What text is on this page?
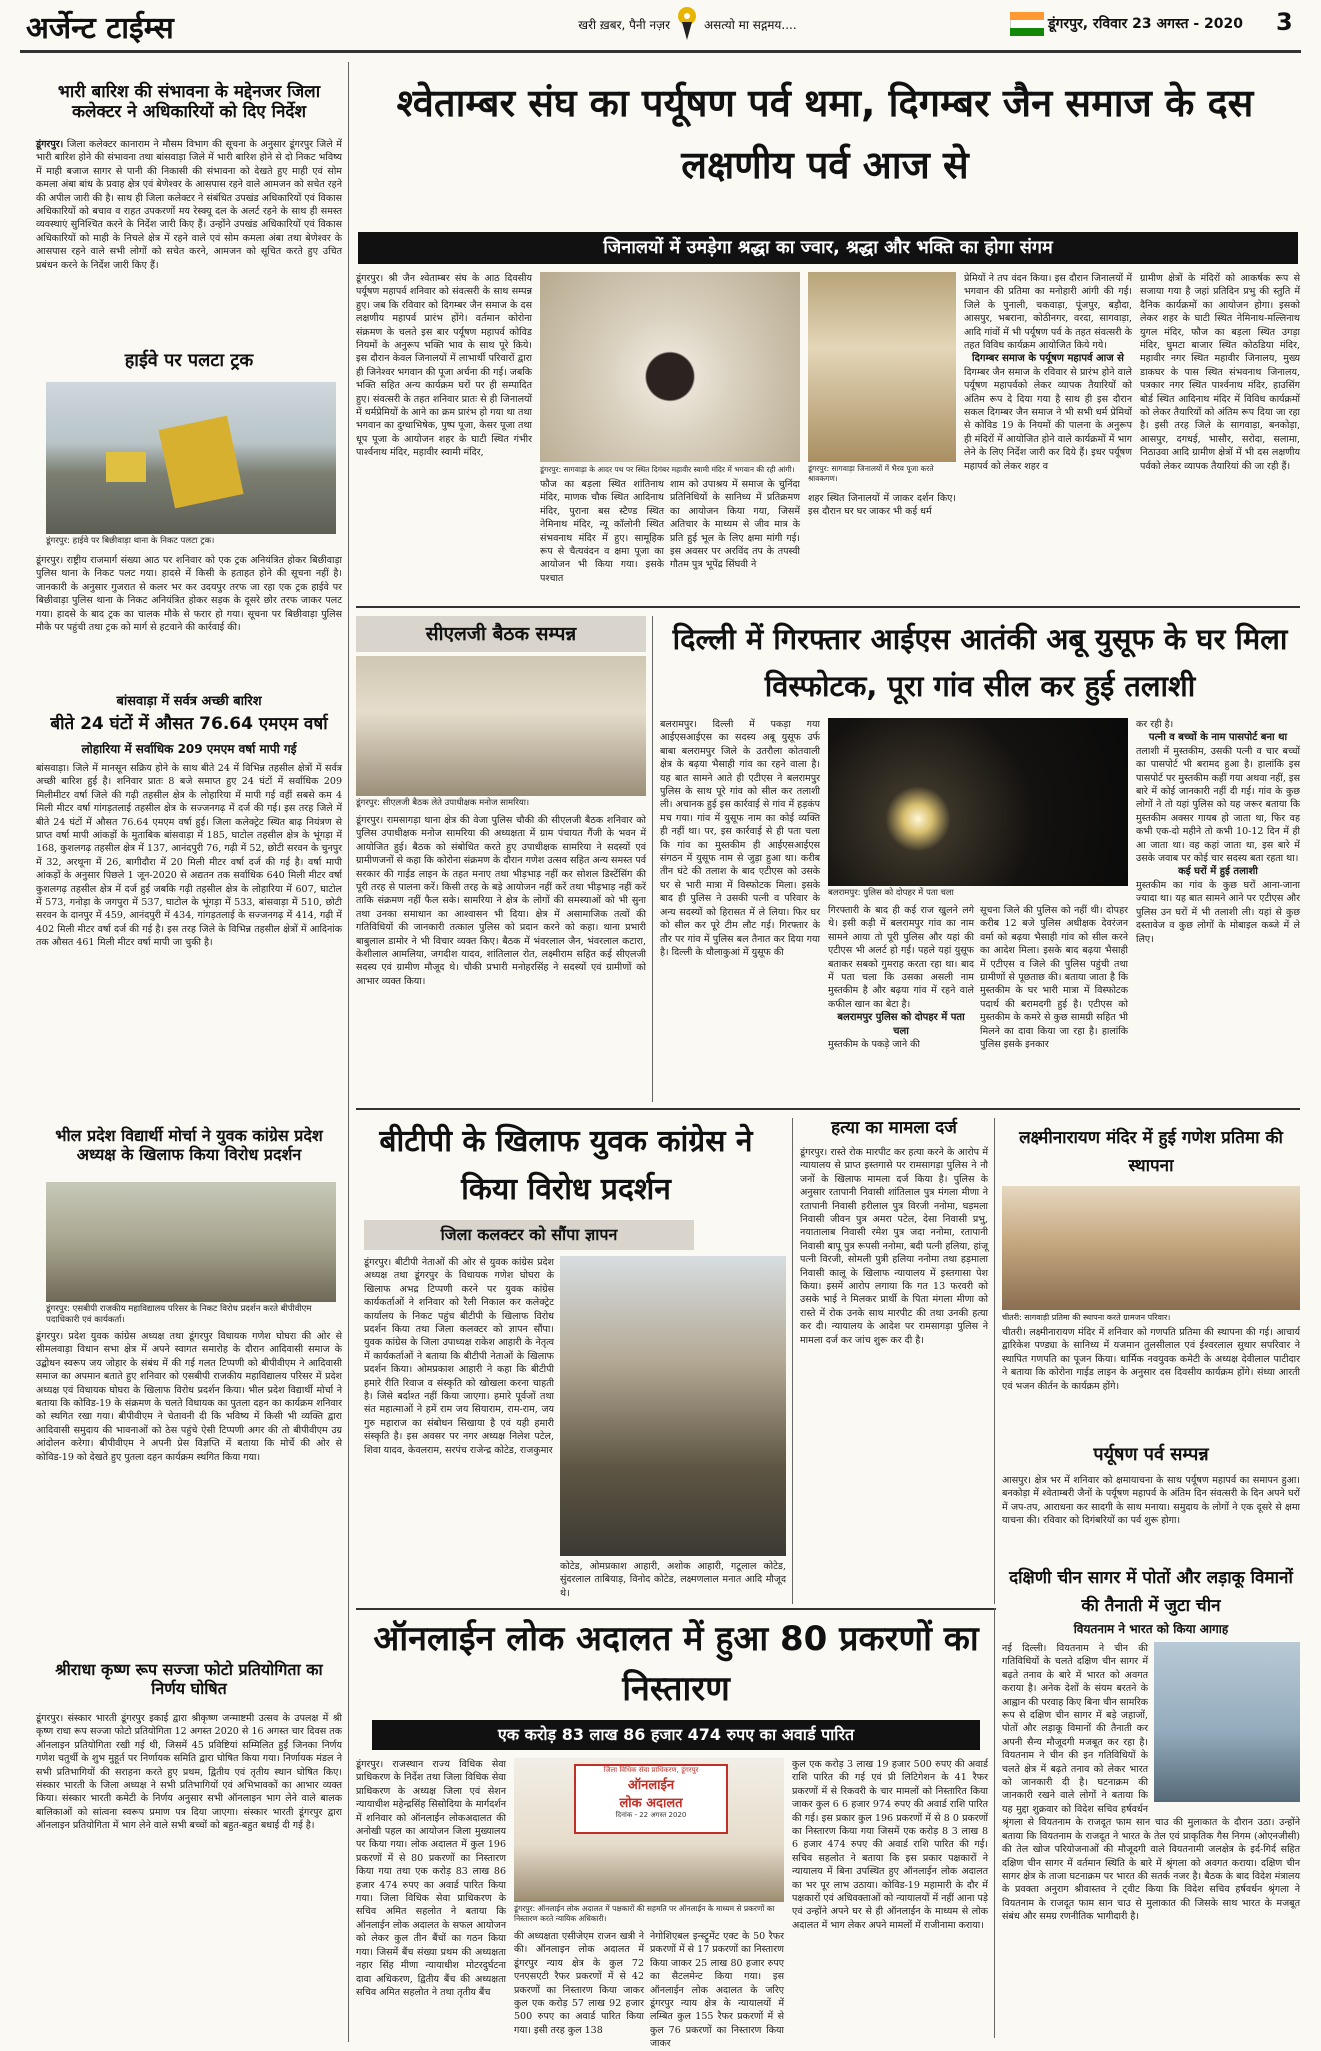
अर्जेन्ट टाईम्स	खरी ख़बर, पैनी नज़र	असत्यो मा सद्गमय....	डूंगरपुर, रविवार 23 अगस्त - 2020	3
भारी बारिश की संभावना के मद्देनजर जिला कलेक्टर ने अधिकारियों को दिए निर्देश
डूंगरपुर। जिला कलेक्टर कानाराम ने मौसम विभाग की सूचना के अनुसार डूंगरपुर जिले में भारी बारिश होने की संभावना तथा बांसवाड़ा जिले में भारी बारिश होने से दो निकट भविष्य में माही बजाज सागर से पानी की निकासी की संभावना को देखते हुए माही एवं सोम कमला अंबा बांध के प्रवाह क्षेत्र एवं बेणेश्वर के आसपास रहने वाले आमजन को सचेत रहने की अपील जारी की है। साथ ही जिला कलेक्टर ने संबंधित उपखंड अधिकारियों एवं विकास अधिकारियों को बचाव व राहत उपकरणों मय रेस्क्यू दल के अलर्ट रहने के साथ ही समस्त व्यवस्थाएं सुनिश्चित करने के निर्देश जारी किए हैं। उन्होंने उपखंड अधिकारियों एवं विकास अधिकारियों को माही के निचले क्षेत्र में रहने वाले एवं सोम कमला अंबा तथा बेणेश्वर के आसपास रहने वाले सभी लोगों को सचेत करने, आमजन को सूचित करते हुए उचित प्रबंधन करने के निर्देश जारी किए हैं।
हाईवे पर पलटा ट्रक
डूंगरपुर: हाईवे पर बिछीवाड़ा थाना के निकट पलटा ट्रक।
डूंगरपुर। राष्ट्रीय राजमार्ग संख्या आठ पर शनिवार को एक ट्रक अनियंत्रित होकर बिछीवाड़ा पुलिस थाना के निकट पलट गया। हादसे में किसी के हताहत होने की सूचना नहीं है। जानकारी के अनुसार गुजरात से कलर भर कर उदयपुर तरफ जा रहा एक ट्रक हाईवे पर बिछीवाड़ा पुलिस थाना के निकट अनियंत्रित होकर सड़क के दूसरे छोर तरफ जाकर पलट गया। हादसे के बाद ट्रक का चालक मौके से फरार हो गया। सूचना पर बिछीवाड़ा पुलिस मौके पर पहुंची तथा ट्रक को मार्ग से हटवाने की कार्रवाई की।
बांसवाड़ा में सर्वत्र अच्छी बारिश
बीते 24 घंटों में औसत 76.64 एमएम वर्षा
लोहारिया में सर्वाधिक 209 एमएम वर्षा मापी गई
बांसवाड़ा। जिले में मानसून सक्रिय होने के साथ बीते 24 में विभिन्न तहसील क्षेत्रों में सर्वत्र अच्छी बारिश हुई है। शनिवार प्रातः 8 बजे समाप्त हुए 24 घंटों में सर्वाधिक 209 मिलीमीटर वर्षा जिले की गढ़ी तहसील क्षेत्र के लोहारिया में मापी गई वहीं सबसे कम 4 मिली मीटर वर्षा गांगड़तलाई तहसील क्षेत्र के सज्जनगढ़ में दर्ज की गई। इस तरह जिले में बीते 24 घंटों में औसत 76.64 एमएम वर्षा हुई। जिला कलेक्ट्रेट स्थित बाढ़ नियंत्रण से प्राप्त वर्षा मापी आंकड़ों के मुताबिक बांसवाड़ा में 185, घाटोल तहसील क्षेत्र के भूंगड़ा में 168, कुशलगढ़ तहसील क्षेत्र में 137, आनंदपुरी 76, गढ़ी में 52, छोटी सरवन के चुनपुर में 32, अरथूना में 26, बागीदौरा में 20 मिली मीटर वर्षा दर्ज की गई है। वर्षा मापी आंकड़ों के अनुसार पिछले 1 जून-2020 से अद्यतन तक सर्वाधिक 640 मिली मीटर वर्षा कुशलगढ़ तहसील क्षेत्र में दर्ज हुई जबकि गढ़ी तहसील क्षेत्र के लोहारिया में 607, घाटोल में 573, गनोड़ा के जगपुरा में 537, घाटोल के भूंगड़ा में 533, बांसवाड़ा में 510, छोटी सरवन के दानपुर में 459, आनंदपुरी में 434, गांगड़तलाई के सज्जनगढ़ में 414, गढ़ी में 402 मिली मीटर वर्षा दर्ज की गई है। इस तरह जिले के विभिन्न तहसील क्षेत्रों में आदिनांक तक औसत 461 मिली मीटर वर्षा मापी जा चुकी है।
भील प्रदेश विद्यार्थी मोर्चा ने युवक कांग्रेस प्रदेश अध्यक्ष के खिलाफ किया विरोध प्रदर्शन
डूंगरपुर: एसबीपी राजकीय महाविद्यालय परिसर के निकट विरोध प्रदर्शन करते बीपीवीएम पदाधिकारी एवं कार्यकर्ता।
डूंगरपुर। प्रदेश युवक कांग्रेस अध्यक्ष तथा डूंगरपुर विधायक गणेश घोघरा की ओर से सीमलवाड़ा विधान सभा क्षेत्र में अपने स्वागत समारोह के दौरान आदिवासी समाज के उद्बोधन स्वरूप जय जोहार के संबंध में की गई गलत टिप्पणी को बीपीवीएम ने आदिवासी समाज का अपमान बताते हुए शनिवार को एसबीपी राजकीय महाविद्यालय परिसर में प्रदेश अध्यक्ष एवं विधायक घोघरा के खिलाफ विरोध प्रदर्शन किया। भील प्रदेश विद्यार्थी मोर्चा ने बताया कि कोविड-19 के संक्रमण के चलते विधायक का पुतला दहन का कार्यक्रम शनिवार को स्थगित रखा गया। बीपीवीएम ने चेतावनी दी कि भविष्य में किसी भी व्यक्ति द्वारा आदिवासी समुदाय की भावनाओं को ठेस पहुंचे ऐसी टिप्पणी अगर की तो बीपीवीएम उग्र आंदोलन करेगा। बीपीवीएम ने अपनी प्रेस विज्ञप्ति में बताया कि मोर्चे की ओर से कोविड-19 को देखते हुए पुतला दहन कार्यक्रम स्थगित किया गया।
श्रीराधा कृष्ण रूप सज्जा फोटो प्रतियोगिता का निर्णय घोषित
डूंगरपुर। संस्कार भारती डूंगरपुर इकाई द्वारा श्रीकृष्ण जन्माष्टमी उत्सव के उपलक्ष में श्री कृष्ण राधा रूप सज्जा फोटो प्रतियोगिता 12 अगस्त 2020 से 16 अगस्त चार दिवस तक ऑनलाइन प्रतियोगिता रखी गई थी, जिसमें 45 प्रविष्टियां सम्मिलित हुईं जिनका निर्णय गणेश चतुर्थी के शुभ मुहूर्त पर निर्णायक समिति द्वारा घोषित किया गया। निर्णायक मंडल ने सभी प्रतिभागियों की सराहना करते हुए प्रथम, द्वितीय एवं तृतीय स्थान घोषित किए। संस्कार भारती के जिला अध्यक्ष ने सभी प्रतिभागियों एवं अभिभावकों का आभार व्यक्त किया। संस्कार भारती कमेटी के निर्णय अनुसार सभी ऑनलाइन भाग लेने वाले बालक बालिकाओं को सांत्वना स्वरूप प्रमाण पत्र दिया जाएगा। संस्कार भारती डूंगरपुर द्वारा ऑनलाइन प्रतियोगिता में भाग लेने वाले सभी बच्चों को बहुत-बहुत बधाई दी गई है।
श्वेताम्बर संघ का पर्यूषण पर्व थमा, दिगम्बर जैन समाज के दस लक्षणीय पर्व आज से
जिनालयों में उमड़ेगा श्रद्धा का ज्वार, श्रद्धा और भक्ति का होगा संगम
डूंगरपुर। श्री जैन श्वेताम्बर संघ के आठ दिवसीय पर्यूषण महापर्व शनिवार को संवत्सरी के साथ सम्पन्न हुए। जब कि रविवार को दिगम्बर जैन समाज के दस लक्षणीय महापर्व प्रारंभ होंगे। वर्तमान कोरोना संक्रमण के चलते इस बार पर्यूषण महापर्व कोविड नियमों के अनुरूप भक्ति भाव के साथ पूरे किये। इस दौरान केवल जिनालयों में लाभार्थी परिवारों द्वारा ही जिनेश्वर भगवान की पूजा अर्चना की गई। जबकि भक्ति सहित अन्य कार्यक्रम घरों पर ही सम्पादित हुए। संवत्सरी के तहत शनिवार प्रातः से ही जिनालयों में धर्मप्रेमियों के आने का क्रम प्रारंभ हो गया था तथा भगवान का दुग्धाभिषेक, पुष्प पूजा, केसर पूजा तथा धूप पूजा के आयोजन शहर के घाटी स्थित गंभीर पार्श्वनाथ मंदिर, महावीर स्वामी मंदिर,
डूंगरपुर: सागवाड़ा के आदर पथ पर स्थित दिगंबर महावीर स्वामी मंदिर में भगवान की रही आंगी।
फौज का बड़ला स्थित शांतिनाथ मंदिर, माणक चौक स्थित आदिनाथ मंदिर, पुराना बस स्टैण्ड स्थित नेमिनाथ मंदिर, न्यू कॉलोनी स्थित संभवनाथ मंदिर में हुए। सामूहिक रूप से चैत्यवंदन व क्षमा पूजा का आयोजन भी किया गया। इसके पश्चात
शाम को उपाश्रय में समाज के चुनिंदा प्रतिनिधियों के सानिध्य में प्रतिक्रमण का आयोजन किया गया, जिसमें अतिचार के माध्यम से जीव मात्र के प्रति हुई भूल के लिए क्षमा मांगी गई। इस अवसर पर अरविंद तप के तपस्वी गौतम पुत्र भूपेंद्र सिंघवी ने
डूंगरपुर: सागवाड़ा जिनालयों में भैरव पूजा करते श्रावकगण।
शहर स्थित जिनालयों में जाकर दर्शन किए। इस दौरान घर घर जाकर भी कई धर्म
प्रेमियों ने तप वंदन किया। इस दौरान जिनालयों में भगवान की प्रतिमा का मनोहारी आंगी की गई। जिले के पुनाली, चकवाड़ा, पूंजपुर, बड़ौदा, आसपुर, भबराना, कोठीनगर, वरदा, सागवाड़ा, आदि गांवों में भी पर्यूषण पर्व के तहत संवत्सरी के तहत विविध कार्यक्रम आयोजित किये गये।
दिगम्बर समाज के पर्यूषण महापर्व आज से
दिगम्बर जैन समाज के रविवार से प्रारंभ होने वाले पर्यूषण महापर्वको लेकर व्यापक तैयारियों को अंतिम रूप दे दिया गया है साथ ही इस दौरान सकल दिगम्बर जैन समाज ने भी सभी धर्म प्रेमियों से कोविड 19 के नियमों की पालना के अनुरूप ही मंदिरों में आयोजित होने वाले कार्यक्रमों में भाग लेने के लिए निर्देश जारी कर दिये हैं। इधर पर्यूषण महापर्व को लेकर शहर व
ग्रामीण क्षेत्रों के मंदिरों को आकर्षक रूप से सजाया गया है जहां प्रतिदिन प्रभु की स्तुति में दैनिक कार्यक्रमों का आयोजन होगा। इसको लेकर शहर के घाटी स्थित नेमिनाथ-मल्लिनाथ युगल मंदिर, फौज का बड़ला स्थित उगड़ा मंदिर, घुमटा बाजार स्थित कोठडिया मंदिर, महावीर नगर स्थित महावीर जिनालय, मुख्य डाकघर के पास स्थित संभवनाथ जिनालय, पत्रकार नगर स्थित पार्श्वनाथ मंदिर, हाउसिंग बोर्ड स्थित आदिनाथ मंदिर में विविध कार्यक्रमों को लेकर तैयारियों को अंतिम रूप दिया जा रहा है। इसी तरह जिले के सागवाड़ा, बनकोड़ा, आसपुर, दगधई, भासौर, सरोदा, सलामा, निठाउवा आदि ग्रामीण क्षेत्रों में भी दस लक्षणीय पर्वको लेकर व्यापक तैयारियां की जा रही हैं।
सीएलजी बैठक सम्पन्न
डूंगरपुर: सीएलजी बैठक लेते उपाधीक्षक मनोज सामरिया।
डूंगरपुर। रामसागड़ा थाना क्षेत्र की वेजा पुलिस चौकी की सीएलजी बैठक शनिवार को पुलिस उपाधीक्षक मनोज सामरिया की अध्यक्षता में ग्राम पंचायत गैंजी के भवन में आयोजित हुई। बैठक को संबोधित करते हुए उपाधीक्षक सामरिया ने सदस्यों एवं ग्रामीणजनों से कहा कि कोरोना संक्रमण के दौरान गणेश उत्सव सहित अन्य समस्त पर्व सरकार की गाईड लाइन के तहत मनाए तथा भीड़भाड़ नहीं कर सोशल डिस्टेंसिंग की पूरी तरह से पालना करें। किसी तरह के बड़े आयोजन नहीं करें तथा भीड़भाड़ नहीं करें ताकि संक्रमण नहीं फैल सके। सामरिया ने क्षेत्र के लोगों की समस्याओं को भी सुना तथा उनका समाधान का आश्वासन भी दिया। क्षेत्र में असामाजिक तत्वों की गतिविधियों की जानकारी तत्काल पुलिस को प्रदान करने को कहा। थाना प्रभारी बाबुलाल डामोर ने भी विचार व्यक्त किए। बैठक में भंवरलाल जैन, भंवरलाल कटारा, केशीलाल आमलिया, जगदीश यादव, शांतिलाल रोत, लक्ष्मीराम सहित कई सीएलजी सदस्य एवं ग्रामीण मौजूद थे। चौकी प्रभारी मनोहरसिंह ने सदस्यों एवं ग्रामीणों को आभार व्यक्त किया।
दिल्ली में गिरफ्तार आईएस आतंकी अबू युसूफ के घर मिला विस्फोटक, पूरा गांव सील कर हुई तलाशी
बलरामपुर। दिल्ली में पकड़ा गया आईएसआईएस का सदस्य अबू युसूफ उर्फ बाबा बलरामपुर जिले के उतरौला कोतवाली क्षेत्र के बढ़या भैसाही गांव का रहने वाला है। यह बात सामने आते ही एटीएस ने बलरामपुर पुलिस के साथ पूरे गांव को सील कर तलाशी ली। अचानक हुई इस कार्रवाई से गांव में हड़कंप मच गया। गांव में युसूफ नाम का कोई व्यक्ति ही नहीं था। पर, इस कार्रवाई से ही पता चला कि गांव का मुस्तकीम ही आईएसआईएस संगठन में युसूफ नाम से जुड़ा हुआ था। करीब तीन घंटे की तलाश के बाद एटीएस को उसके घर से भारी मात्रा में विस्फोटक मिला। इसके बाद ही पुलिस ने उसकी पत्नी व परिवार के अन्य सदस्यों को हिरासत में ले लिया। फिर घर को सील कर पूरे टीम लौट गई। गिरफ्तार के तौर पर गांव में पुलिस बल तैनात कर दिया गया है। दिल्ली के धौलाकुआं में युसूफ की
बलरामपुर: पुलिस को दोपहर में पता चला
गिरफ्तारी के बाद ही कई राज खुलने लगे थे। इसी कड़ी में बलरामपुर गांव का नाम सामने आया तो पूरी पुलिस और यहां की एटीएस भी अलर्ट हो गई। पहले यहां युसूफ बताकर सबको गुमराह करता रहा था। बाद में पता चला कि उसका असली नाम मुस्तकीम है और बढ़या गांव में रहने वाले कफील खान का बेटा है।
बलरामपुर पुलिस को दोपहर में पता चला
मुस्तकीम के पकड़े जाने की
सूचना जिले की पुलिस को नहीं थी। दोपहर करीब 12 बजे पुलिस अधीक्षक देवरंजन वर्मा को बढ़या भैसाही गांव को सील करने का आदेश मिला। इसके बाद बढ़या भैसाही में एटीएस व जिले की पुलिस पहुंची तथा ग्रामीणों से पूछताछ की। बताया जाता है कि मुस्तकीम के घर भारी मात्रा में विस्फोटक पदार्थ की बरामदगी हुई है। एटीएस को मुस्तकीम के कमरे से कुछ सामग्री सहित भी मिलने का दावा किया जा रहा है। हालांकि पुलिस इसके इनकार
कर रही है।
पत्नी व बच्चों के नाम पासपोर्ट बना था
तलाशी में मुस्तकीम, उसकी पत्नी व चार बच्चों का पासपोर्ट भी बरामद हुआ है। हालांकि इस पासपोर्ट पर मुस्तकीम कहीं गया अथवा नहीं, इस बारे में कोई जानकारी नहीं दी गई। गांव के कुछ लोगों ने तो यहां पुलिस को यह जरूर बताया कि मुस्तकीम अक्सर गायब हो जाता था, फिर वह कभी एक-दो महीने तो कभी 10-12 दिन में ही आ जाता था। वह कहां जाता था, इस बारे में उसके जवाब पर कोई चार सदस्य बता रहता था।
कई घरों में हुई तलाशी
मुस्तकीम का गांव के कुछ घरों आना-जाना ज्यादा था। यह बात सामने आने पर एटीएस और पुलिस उन घरों में भी तलाशी ली। यहां से कुछ दस्तावेज व कुछ लोगों के मोबाइल कब्जे में ले लिए।
बीटीपी के खिलाफ युवक कांग्रेस ने किया विरोध प्रदर्शन
जिला कलक्टर को सौंपा ज्ञापन
डूंगरपुर। बीटीपी नेताओं की ओर से युवक कांग्रेस प्रदेश अध्यक्ष तथा डूंगरपुर के विधायक गणेश घोघरा के खिलाफ अभद्र टिप्पणी करने पर युवक कांग्रेस कार्यकर्ताओं ने शनिवार को रैली निकाल कर कलेक्ट्रेट कार्यालय के निकट पहुंच बीटीपी के खिलाफ विरोध प्रदर्शन किया तथा जिला कलक्टर को ज्ञापन सौंपा। युवक कांग्रेस के जिला उपाध्यक्ष राकेश आहारी के नेतृत्व में कार्यकर्ताओं ने बताया कि बीटीपी नेताओं के खिलाफ प्रदर्शन किया। ओमप्रकाश आहारी ने कहा कि बीटीपी हमारे रीति रिवाज व संस्कृति को खोखला करना चाहती है। जिसे बर्दाश्त नहीं किया जाएगा। हमारे पूर्वजों तथा संत महात्माओं ने हमें राम जय सियाराम, राम-राम, जय गुरु महाराज का संबोधन सिखाया है एवं यही हमारी संस्कृति है। इस अवसर पर नगर अध्यक्ष निलेश पटेल, शिवा यादव, केवलराम, सरपंच राजेन्द्र कोटेड, राजकुमार
कोटेड, ओमप्रकाश आहारी, अशोक आहारी, गटूलाल कोटेड, सुंदरलाल ताबियाड़, विनोद कोटेड, लक्ष्मणलाल मनात आदि मौजूद थे।
हत्या का मामला दर्ज
डूंगरपुर। रास्ते रोक मारपीट कर हत्या करने के आरोप में न्यायालय से प्राप्त इस्तगासे पर रामसागड़ा पुलिस ने नौ जनों के खिलाफ मामला दर्ज किया है। पुलिस के अनुसार रतापानी निवासी शांतिलाल पुत्र मंगला मीणा ने रतापानी निवासी हरीलाल पुत्र विरजी ननोमा, घड़मला निवासी जीवन पुत्र अमरा पटेल, देसा निवासी प्रभु, नयातालाब निवासी रमेश पुत्र जदा ननोमा, रतापानी निवासी बापू पुत्र रूपसी ननोमा, बदी पत्नी हलिया, हांजू पत्नी विरजी, सोमली पुत्री हलिया ननोमा तथा हड़माला निवासी कालू के खिलाफ न्यायालय में इस्तगासा पेश किया। इसमें आरोप लगाया कि गत 13 फरवरी को उसके भाई ने मिलकर प्रार्थी के पिता मंगला मीणा को रास्ते में रोक उनके साथ मारपीट की तथा उनकी हत्या कर दी। न्यायालय के आदेश पर रामसागड़ा पुलिस ने मामला दर्ज कर जांच शुरू कर दी है।
लक्ष्मीनारायण मंदिर में हुई गणेश प्रतिमा की स्थापना
चीतरी: सागवाड़ी प्रतिमा की स्थापना करते ग्रामजन परिवार।
चीतरी। लक्ष्मीनारायण मंदिर में शनिवार को गणपति प्रतिमा की स्थापना की गई। आचार्य द्वारिकेश पण्ड्या के सानिध्य में यजमान तुलसीलाल एवं ईश्वरलाल सुथार सपरिवार ने स्थापित गणपति का पूजन किया। धार्मिक नवयुवक कमेटी के अध्यक्ष देवीलाल पाटीदार ने बताया कि कोरोना गाईड लाइन के अनुसार दस दिवसीय कार्यक्रम होंगे। संध्या आरती एवं भजन कीर्तन के कार्यक्रम होंगे।
पर्यूषण पर्व सम्पन्न
आसपुर। क्षेत्र भर में शनिवार को क्षमायाचना के साथ पर्यूषण महापर्व का समापन हुआ। बनकोड़ा में श्वेताम्बरी जैनों के पर्यूषण महापर्व के अंतिम दिन संवत्सरी के दिन अपने घरों में जप-तप, आराधना कर सादगी के साथ मनाया। समुदाय के लोगों ने एक दूसरे से क्षमा याचना की। रविवार को दिगंबरियों का पर्व शुरू होगा।
दक्षिणी चीन सागर में पोतों और लड़ाकू विमानों की तैनाती में जुटा चीन
वियतनाम ने भारत को किया आगाह
नई दिल्ली। वियतनाम ने चीन की गतिविधियों के चलते दक्षिण चीन सागर में बढ़ते तनाव के बारे में भारत को अवगत कराया है। अनेक देशों के संयम बरतने के आह्वान की परवाह किए बिना चीन सामरिक रूप से दक्षिण चीन सागर में बड़े जहाजों, पोतों और लड़ाकू विमानों की तैनाती कर अपनी सैन्य मौजूदगी मजबूत कर रहा है। वियतनाम ने चीन की इन गतिविधियों के चलते क्षेत्र में बढ़ते तनाव को लेकर भारत को जानकारी दी है। घटनाक्रम की जानकारी रखने वाले लोगों ने बताया कि यह मुद्दा शुक्रवार को विदेश सचिव हर्षवर्धन श्रृंगला से वियतनाम के राजदूत फाम सान चाउ की मुलाकात के दौरान उठा। उन्होंने बताया कि वियतनाम के राजदूत ने भारत के तेल एवं प्राकृतिक गैस निगम (ओएनजीसी) की तेल खोज परियोजनाओं की मौजूदगी वाले वियतनामी जलक्षेत्र के इर्द-गिर्द सहित दक्षिण चीन सागर में वर्तमान स्थिति के बारे में श्रृंगला को अवगत कराया। दक्षिण चीन सागर क्षेत्र के ताजा घटनाक्रम पर भारत की सतर्क नजर है। बैठक के बाद विदेश मंत्रालय के प्रवक्ता अनुराग श्रीवास्तव ने ट्वीट किया कि विदेश सचिव हर्षवर्धन श्रृंगला ने वियतनाम के राजदूत फाम सान चाउ से मुलाकात की जिसके साथ भारत के मजबूत संबंध और समग्र रणनीतिक भागीदारी है।
ऑनलाईन लोक अदालत में हुआ 80 प्रकरणों का निस्तारण
एक करोड़ 83 लाख 86 हजार 474 रुपए का अवार्ड पारित
डूंगरपुर। राजस्थान राज्य विधिक सेवा प्राधिकरण के निर्देश तथा जिला विधिक सेवा प्राधिकरण के अध्यक्ष जिला एवं सेशन न्यायाधीश महेन्द्रसिंह सिसोदिया के मार्गदर्शन में शनिवार को ऑनलाईन लोकअदालत की अनोखी पहल का आयोजन जिला मुख्यालय पर किया गया। लोक अदालत में कुल 196 प्रकरणों में से 80 प्रकरणों का निस्तारण किया गया तथा एक करोड़ 83 लाख 86 हजार 474 रुपए का अवार्ड पारित किया गया। जिला विधिक सेवा प्राधिकरण के सचिव अमित सहलोत ने बताया कि ऑनलाईन लोक अदालत के सफल आयोजन को लेकर कुल तीन बैंचों का गठन किया गया। जिसमें बैंच संख्या प्रथम की अध्यक्षता नहार सिंह मीणा न्यायाधीश मोटरदुर्घटना दावा अधिकरण, द्वितीय बैंच की अध्यक्षता सचिव अमित सहलोत ने तथा तृतीय बैंच
जिला विधिक सेवा प्राधिकरण, डूंगरपुर
ऑनलाईन
लोक अदालत
दिनांक - 22 अगस्त 2020
डूंगरपुर: ऑनलाईन लोक अदालत में पक्षकारों की सहमति पर ऑनलाईन के माध्यम से प्रकरणों का निस्तारण करते न्यायिक अधिकारी।
की अध्यक्षता एसीजेएम राजन खत्री ने की। ऑनलाइन लोक अदालत में डूंगरपुर न्याय क्षेत्र के कुल 72 एनएसएटी रैफर प्रकरणों में से 42 प्रकरणों का निस्तारण किया जाकर कुल एक करोड़ 57 लाख 92 हजार 500 रुपए का अवार्ड पारित किया गया। इसी तरह कुल 138
नेगोशिएबल इन्स्ट्रूमेंट एक्ट के 50 रैफर प्रकरणों में से 17 प्रकरणों का निस्तारण किया जाकर 25 लाख 80 हजार रुपए का सैटलमेन्ट किया गया। इस ऑनलाईन लोक अदालत के जरिए डूंगरपुर न्याय क्षेत्र के न्यायालयों में लम्बित कुल 155 रैफर प्रकरणों में से कुल 76 प्रकरणों का निस्तारण किया जाकर
कुल एक करोड़ 3 लाख 19 हजार 500 रुपए की अवार्ड राशि पारित की गई एवं प्री लिटिगेशन के 41 रैफर प्रकरणों में से रिकवरी के चार मामलों को निस्तारित किया जाकर कुल 6 6 हजार 974 रुपए की अवार्ड राशि पारित की गई। इस प्रकार कुल 196 प्रकरणों में से 8 0 प्रकरणों का निस्तारण किया गया जिसमें एक करोड़ 8 3 लाख 8 6 हजार 474 रुपए की अवार्ड राशि पारित की गई। सचिव सहलोत ने बताया कि इस प्रकार पक्षकारों ने न्यायालय में बिना उपस्थित हुए ऑनलाईन लोक अदालत का भर पूर लाभ उठाया। कोविड-19 महामारी के दौर में पक्षकारों एवं अधिवक्ताओं को न्यायालयों में नहीं आना पड़े एवं उन्होंने अपने घर से ही ऑनलाईन के माध्यम से लोक अदालत में भाग लेकर अपने मामलों में राजीनामा कराया।
